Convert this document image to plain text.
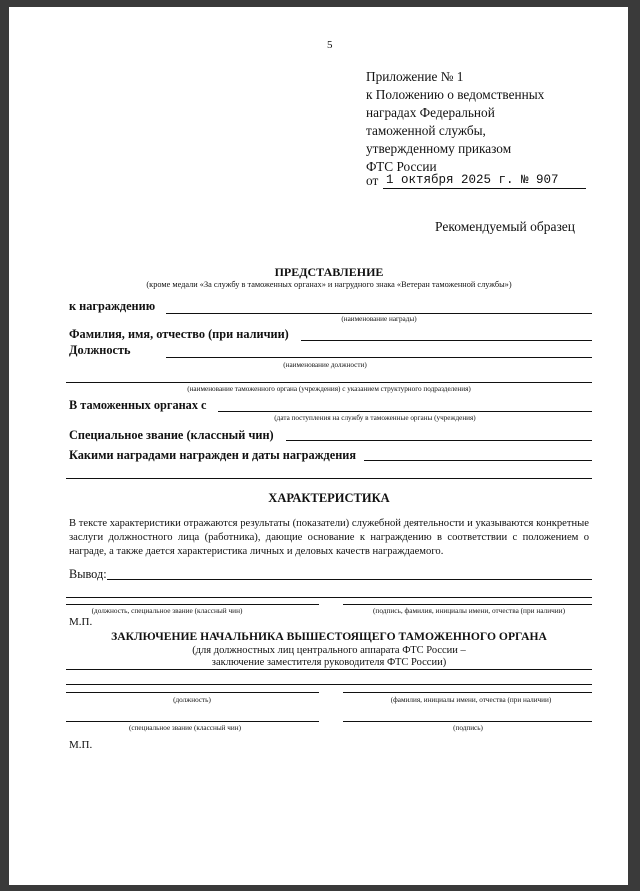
5
Приложение № 1
к Положению о ведомственных
наградах Федеральной
таможенной службы,
утвержденному приказом
ФТС России
от 1 октября 2025 г. № 907
Рекомендуемый образец
ПРЕДСТАВЛЕНИЕ
(кроме медали «За службу в таможенных органах» и нагрудного знака «Ветеран таможенной службы»)
к награждению
(наименование награды)
Фамилия, имя, отчество (при наличии)
Должность
(наименование должности)
(наименование таможенного органа (учреждения) с указанием структурного подразделения)
В таможенных органах с
(дата поступления на службу в таможенные органы (учреждения)
Специальное звание (классный чин)
Какими наградами награжден и даты награждения
ХАРАКТЕРИСТИКА
В тексте характеристики отражаются результаты (показатели) служебной деятельности и указываются конкретные заслуги должностного лица (работника), дающие основание к награждению в соответствии с положением о награде, а также дается характеристика личных и деловых качеств награждаемого.
Вывод:
(должность, специальное звание (классный чин)	(подпись, фамилия, инициалы имени, отчества (при наличии)
М.П.
ЗАКЛЮЧЕНИЕ НАЧАЛЬНИКА ВЫШЕСТОЯЩЕГО ТАМОЖЕННОГО ОРГАНА
(для должностных лиц центрального аппарата ФТС России –
заключение заместителя руководителя ФТС России)
(должность)	(фамилия, инициалы имени, отчества (при наличии)
(специальное звание (классный чин)	(подпись)
М.П.
